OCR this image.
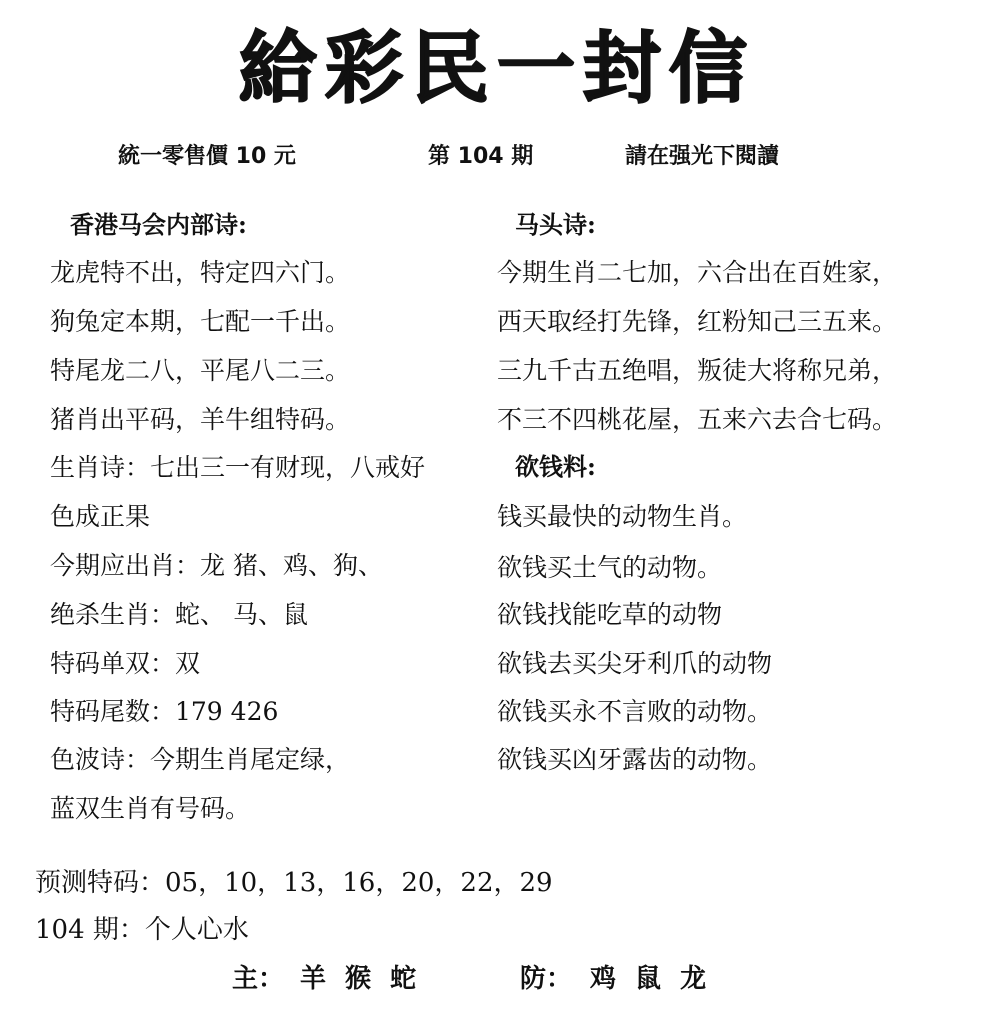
給彩民一封信
統一零售價 10 元	第 104 期	請在强光下閱讀
香港马会内部诗:
龙虎特不出，特定四六门。
狗兔定本期，七配一千出。
特尾龙二八，平尾八二三。
猪肖出平码，羊牛组特码。
生肖诗：七出三一有财现，八戒好
色成正果
今期应出肖：龙 猪、鸡、狗、
绝杀生肖：蛇、 马、鼠
特码单双：双
特码尾数：179 426
色波诗：今期生肖尾定绿，
蓝双生肖有号码。
马头诗:
今期生肖二七加，六合出在百姓家，
西天取经打先锋，红粉知己三五来。
三九千古五绝唱，叛徒大将称兄弟，
不三不四桃花屋，五来六去合七码。
欲钱料:
钱买最快的动物生肖。
欲钱买土气的动物。
欲钱找能吃草的动物
欲钱去买尖牙利爪的动物
欲钱买永不言败的动物。
欲钱买凶牙露齿的动物。
预测特码：05，10，13，16，20，22，29
104 期：个人心水
主： 羊 猴 蛇	防： 鸡 鼠 龙
